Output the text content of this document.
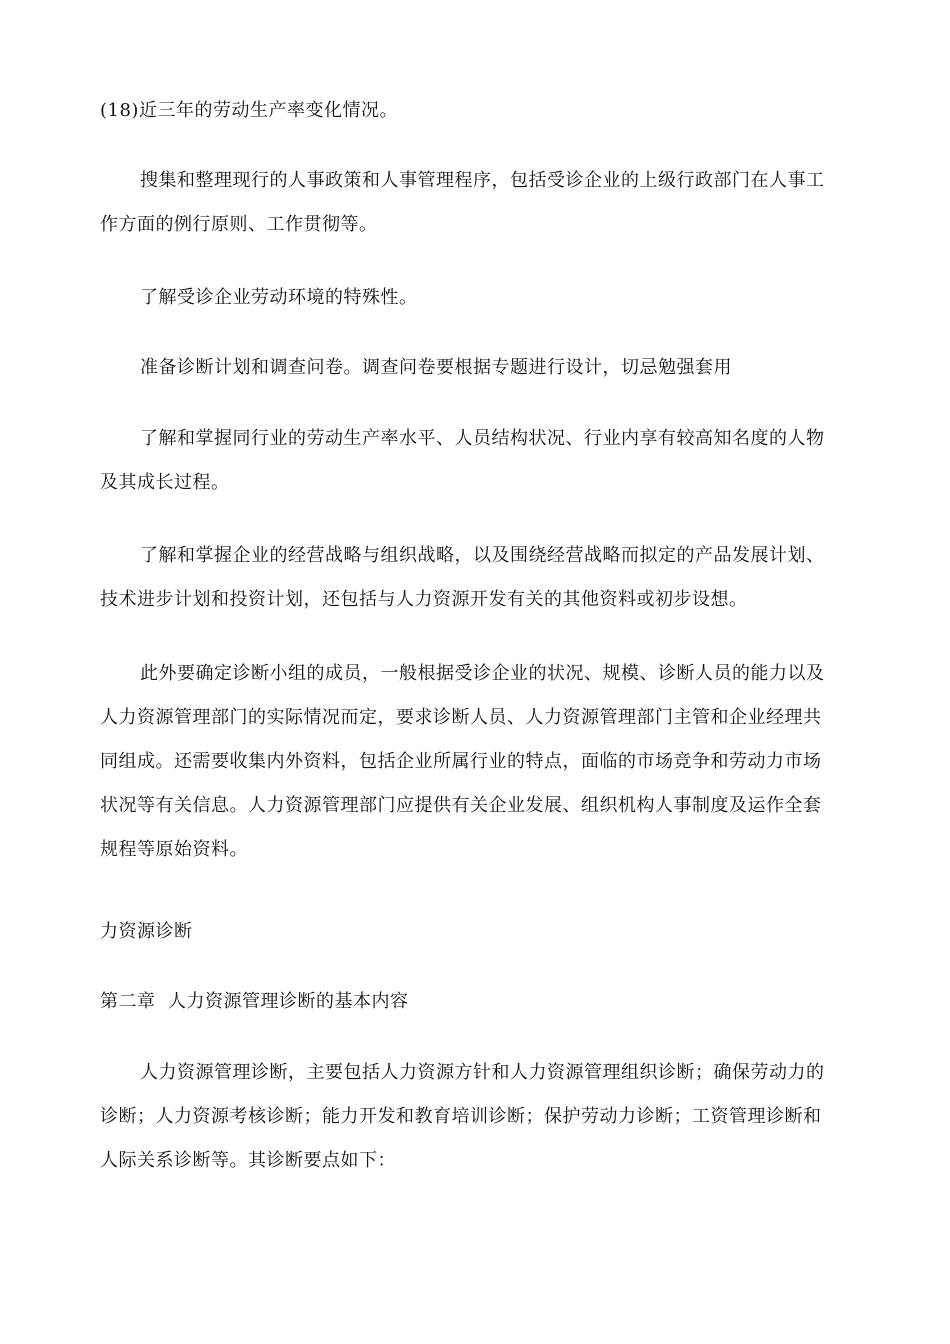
(18)近三年的劳动生产率变化情况。

搜集和整理现行的人事政策和人事管理程序，包括受诊企业的上级行政部门在人事工
作方面的例行原则、工作贯彻等。

了解受诊企业劳动环境的特殊性。

准备诊断计划和调查问卷。调查问卷要根据专题进行设计，切忌勉强套用

了解和掌握同行业的劳动生产率水平、人员结构状况、行业内享有较高知名度的人物
及其成长过程。

了解和掌握企业的经营战略与组织战略，以及围绕经营战略而拟定的产品发展计划、
技术进步计划和投资计划，还包括与人力资源开发有关的其他资料或初步设想。

此外要确定诊断小组的成员，一般根据受诊企业的状况、规模、诊断人员的能力以及
人力资源管理部门的实际情况而定，要求诊断人员、人力资源管理部门主管和企业经理共
同组成。还需要收集内外资料，包括企业所属行业的特点，面临的市场竞争和劳动力市场
状况等有关信息。人力资源管理部门应提供有关企业发展、组织机构人事制度及运作全套
规程等原始资料。

力资源诊断

第二章  人力资源管理诊断的基本内容

人力资源管理诊断，主要包括人力资源方针和人力资源管理组织诊断；确保劳动力的
诊断；人力资源考核诊断；能力开发和教育培训诊断；保护劳动力诊断；工资管理诊断和
人际关系诊断等。其诊断要点如下：
